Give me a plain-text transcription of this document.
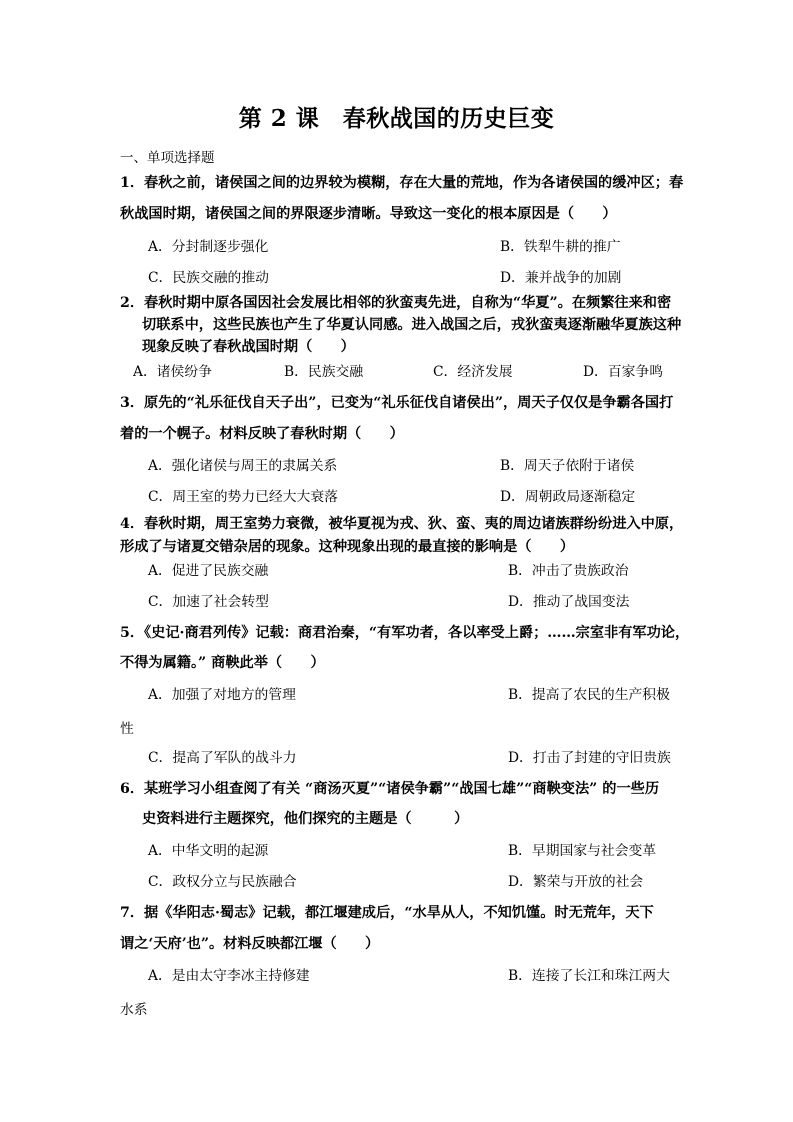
第 2 课　春秋战国的历史巨变
一、单项选择题
1．春秋之前，诸侯国之间的边界较为模糊，存在大量的荒地，作为各诸侯国的缓冲区；春
秋战国时期，诸侯国之间的界限逐步清晰。导致这一变化的根本原因是（　　）
A．分封制逐步强化	B．铁犁牛耕的推广
C．民族交融的推动	D．兼并战争的加剧
2．春秋时期中原各国因社会发展比相邻的狄蛮夷先进，自称为“华夏”。在频繁往来和密
切联系中，这些民族也产生了华夏认同感。进入战国之后，戎狄蛮夷逐渐融华夏族这种
现象反映了春秋战国时期（　　）
A．诸侯纷争	B．民族交融	C．经济发展	D．百家争鸣
3．原先的“礼乐征伐自天子出”，已变为“礼乐征伐自诸侯出”，周天子仅仅是争霸各国打
着的一个幌子。材料反映了春秋时期（　　）
A．强化诸侯与周王的隶属关系	B．周天子依附于诸侯
C．周王室的势力已经大大衰落	D．周朝政局逐渐稳定
4．春秋时期，周王室势力衰微，被华夏视为戎、狄、蛮、夷的周边诸族群纷纷进入中原，
形成了与诸夏交错杂居的现象。这种现象出现的最直接的影响是（　　）
A．促进了民族交融	B．冲击了贵族政治
C．加速了社会转型	D．推动了战国变法
5．《史记·商君列传》记载：商君治秦，“有军功者，各以率受上爵；……宗室非有军功论，
不得为属籍。” 商鞅此举（　　）
A．加强了对地方的管理	B．提高了农民的生产积极
性
C．提高了军队的战斗力	D．打击了封建的守旧贵族
6．某班学习小组查阅了有关 “商汤灭夏”“诸侯争霸”“战国七雄”“商鞅变法” 的一些历
史资料进行主题探究，他们探究的主题是（　　　）
A．中华文明的起源	B．早期国家与社会变革
C．政权分立与民族融合	D．繁荣与开放的社会
7．据《华阳志·蜀志》记载，都江堰建成后，“水旱从人，不知饥馑。时无荒年，天下
谓之‘天府’也”。材料反映都江堰（　　）
A．是由太守李冰主持修建	B．连接了长江和珠江两大
水系
